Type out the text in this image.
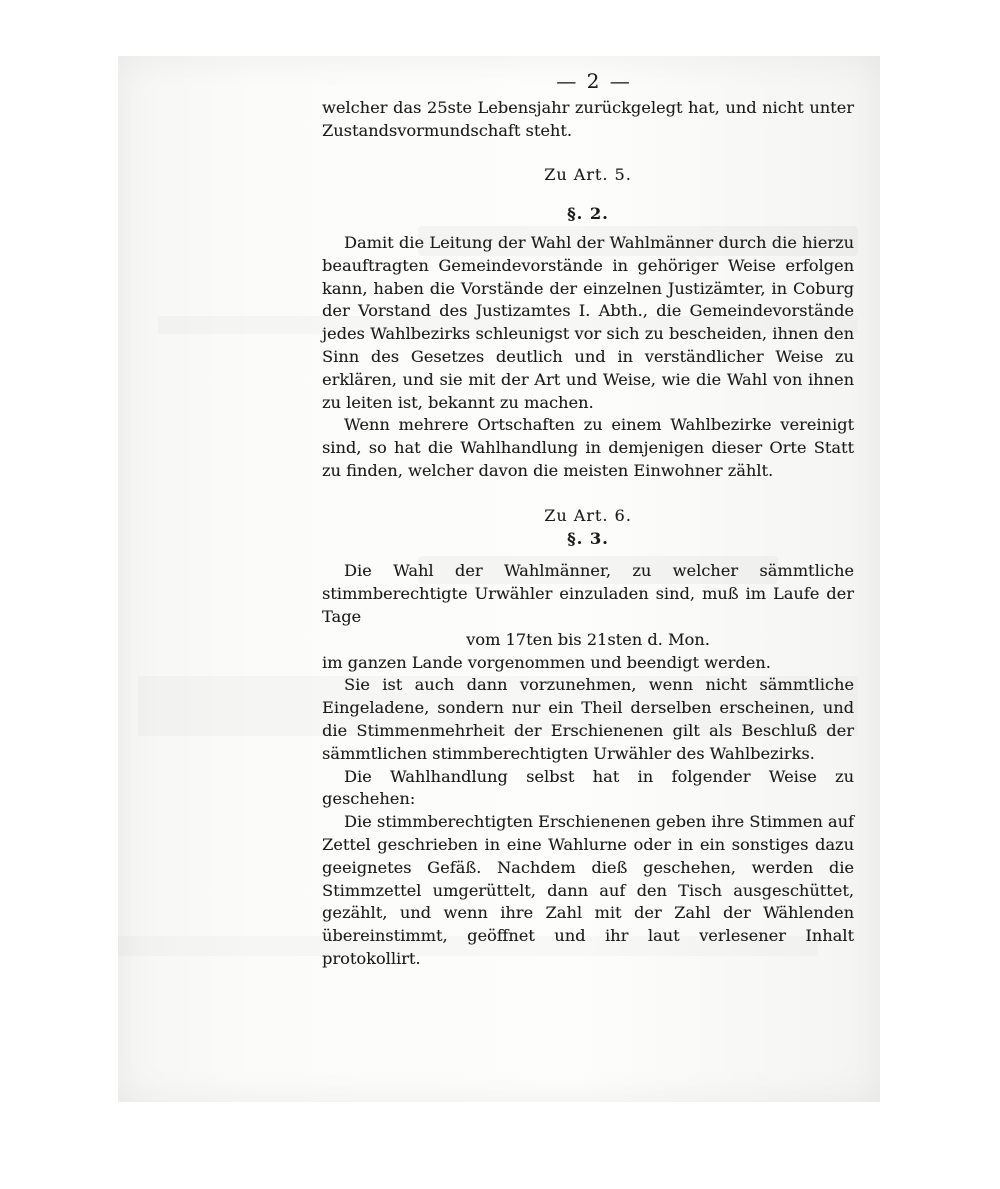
— 2 —

welcher das 25ste Lebensjahr zurückgelegt hat, und nicht unter Zustandsvormundschaft steht.

Zu Art. 5.

§. 2.

Damit die Leitung der Wahl der Wahlmänner durch die hierzu beauftragten Gemeindevorstände in gehöriger Weise erfolgen kann, haben die Vorstände der einzelnen Justizämter, in Coburg der Vorstand des Justizamtes I. Abth., die Gemeindevorstände jedes Wahlbezirks schleunigst vor sich zu bescheiden, ihnen den Sinn des Gesetzes deutlich und in verständlicher Weise zu erklären, und sie mit der Art und Weise, wie die Wahl von ihnen zu leiten ist, bekannt zu machen.

Wenn mehrere Ortschaften zu einem Wahlbezirke vereinigt sind, so hat die Wahlhandlung in demjenigen dieser Orte Statt zu finden, welcher davon die meisten Einwohner zählt.

Zu Art. 6.

§. 3.

Die Wahl der Wahlmänner, zu welcher sämmtliche stimmberechtigte Urwähler einzuladen sind, muß im Laufe der Tage

vom 17ten bis 21sten d. Mon.

im ganzen Lande vorgenommen und beendigt werden.

Sie ist auch dann vorzunehmen, wenn nicht sämmtliche Eingeladene, sondern nur ein Theil derselben erscheinen, und die Stimmenmehrheit der Erschienenen gilt als Beschluß der sämmtlichen stimmberechtigten Urwähler des Wahlbezirks.

Die Wahlhandlung selbst hat in folgender Weise zu geschehen:

Die stimmberechtigten Erschienenen geben ihre Stimmen auf Zettel geschrieben in eine Wahlurne oder in ein sonstiges dazu geeignetes Gefäß. Nachdem dieß geschehen, werden die Stimmzettel umgerüttelt, dann auf den Tisch ausgeschüttet, gezählt, und wenn ihre Zahl mit der Zahl der Wählenden übereinstimmt, geöffnet und ihr laut verlesener Inhalt protokollirt.
